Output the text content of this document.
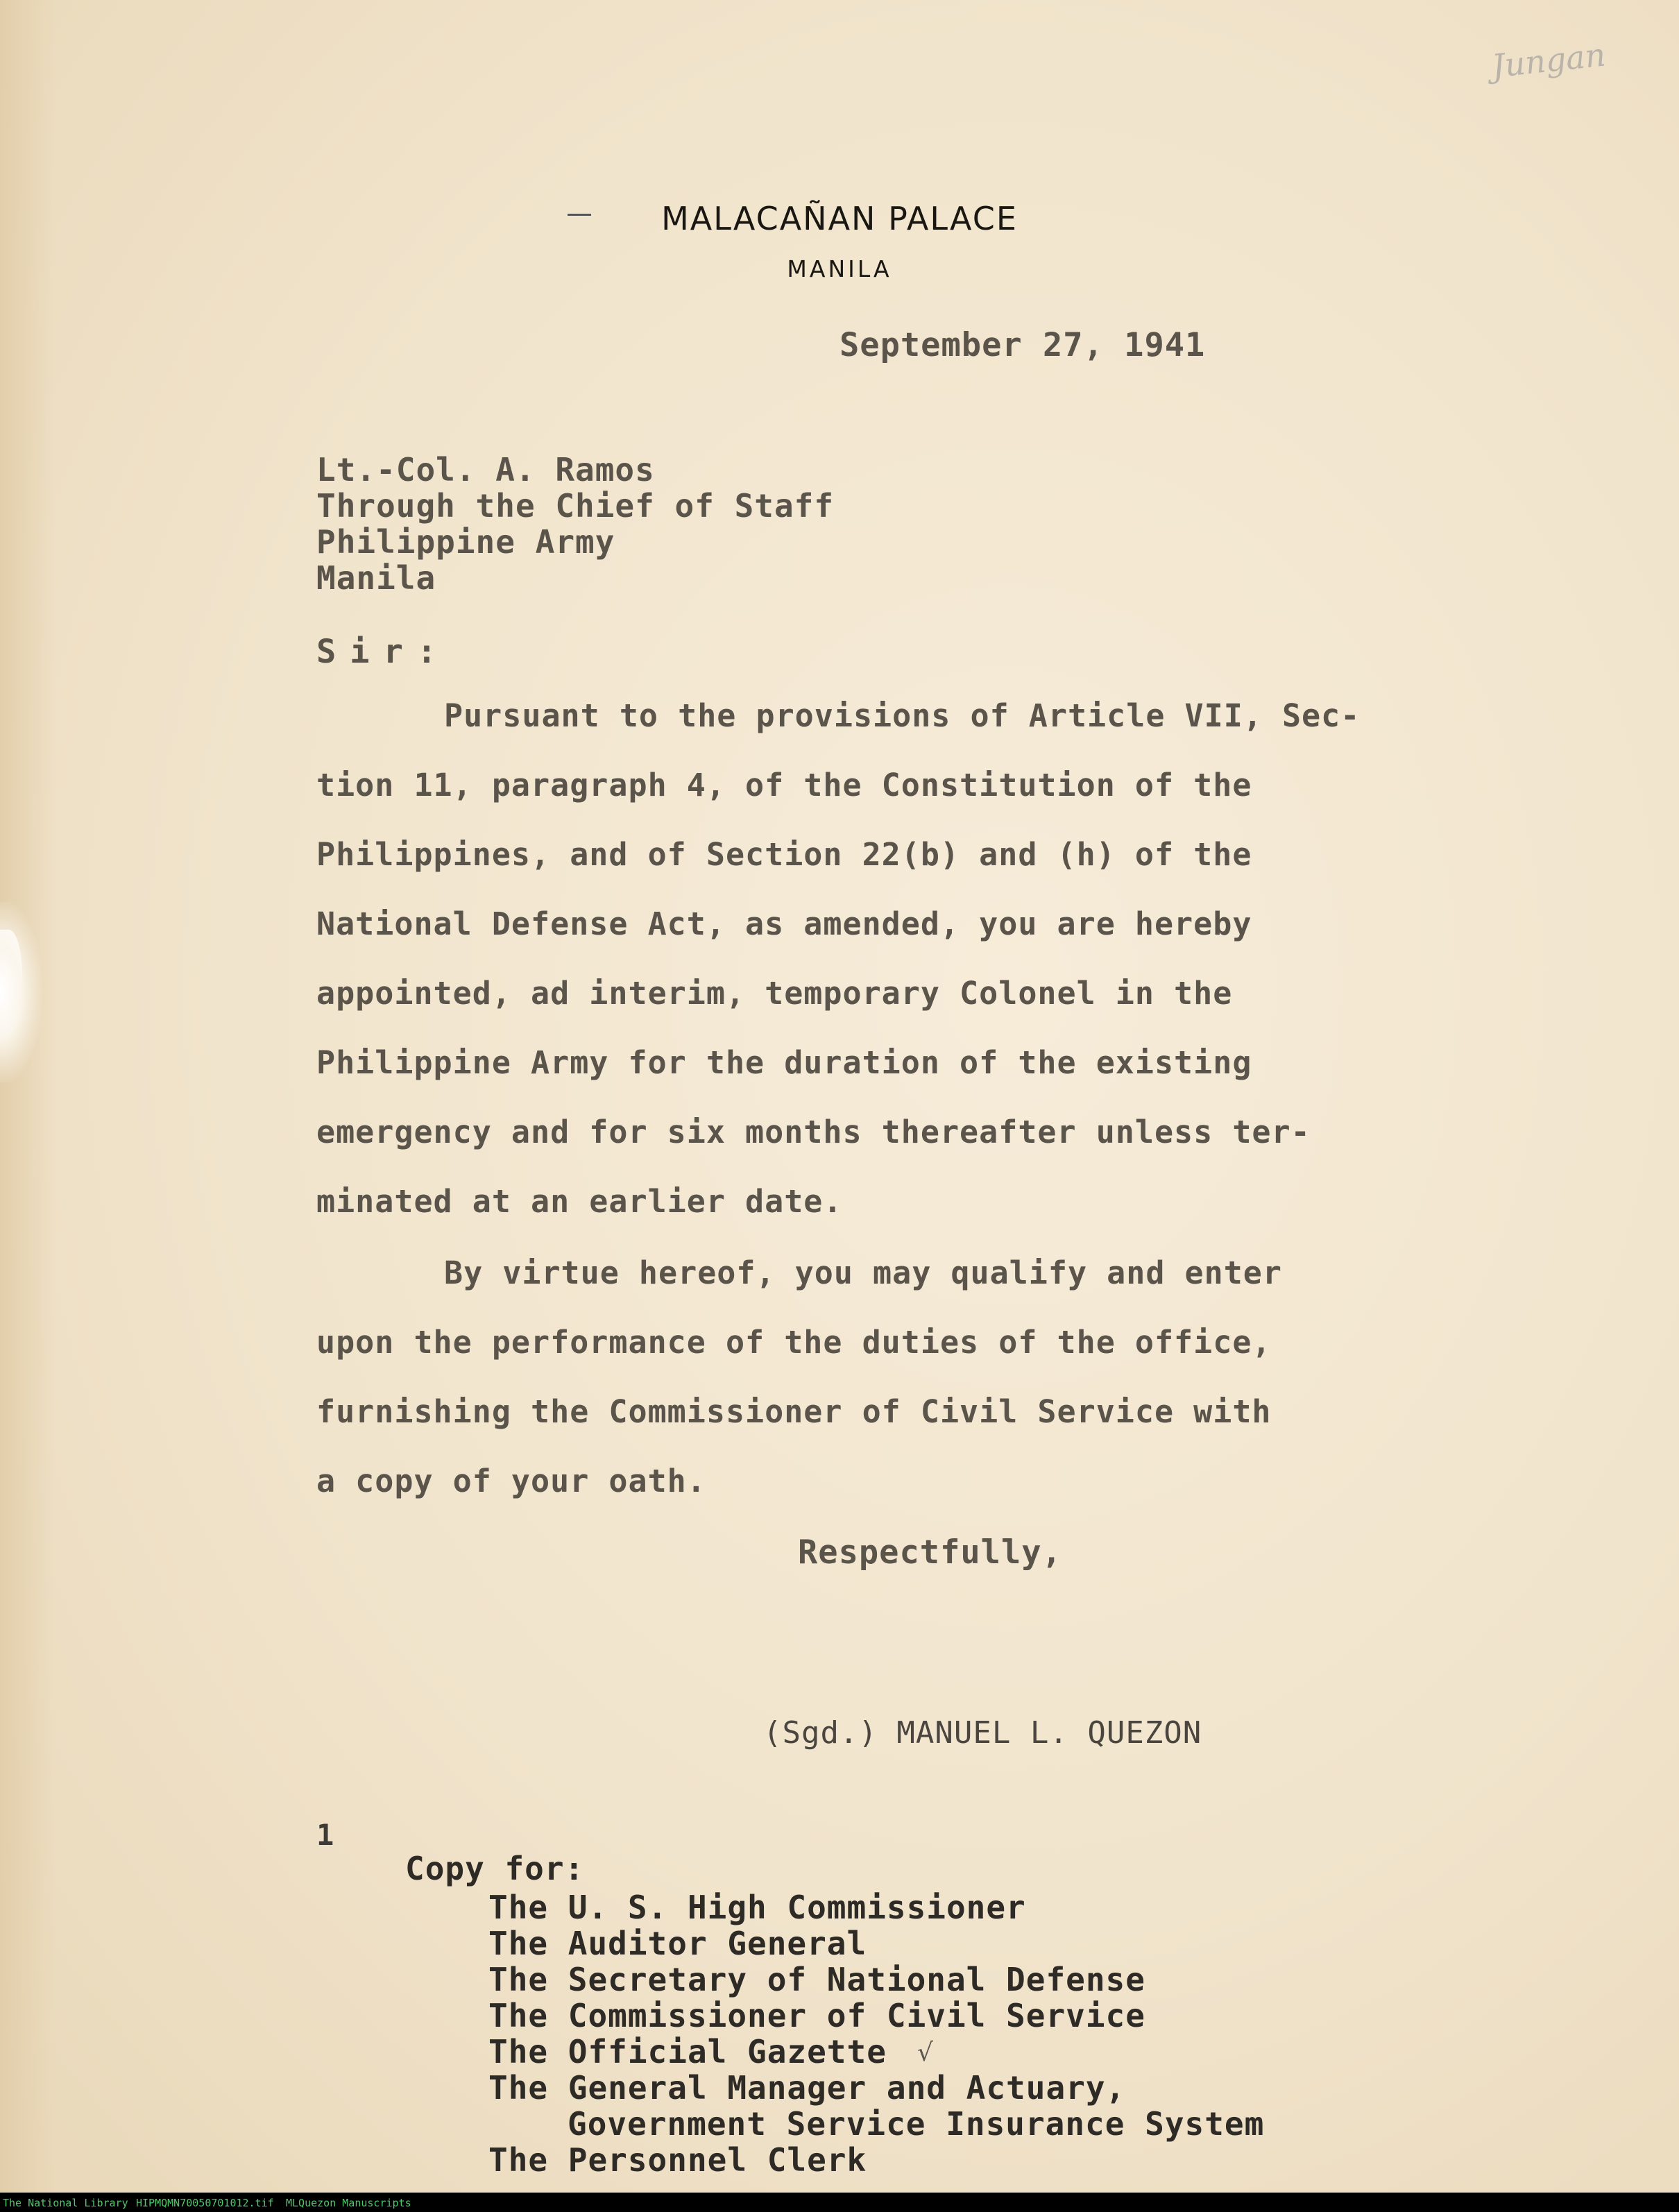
Jungan
MALACAÑAN PALACE
MANILA
September 27, 1941
Lt.-Col. A. Ramos
Through the Chief of Staff
Philippine Army
Manila
Sir:
Pursuant to the provisions of Article VII, Sec-
tion 11, paragraph 4, of the Constitution of the
Philippines, and of Section 22(b) and (h) of the
National Defense Act, as amended, you are hereby
appointed, ad interim, temporary Colonel in the
Philippine Army for the duration of the existing
emergency and for six months thereafter unless ter-
minated at an earlier date.
By virtue hereof, you may qualify and enter
upon the performance of the duties of the office,
furnishing the Commissioner of Civil Service with
a copy of your oath.
Respectfully,
(Sgd.) MANUEL L. QUEZON
1
Copy for:
The U. S. High Commissioner
The Auditor General
The Secretary of National Defense
The Commissioner of Civil Service
The Official Gazette
The General Manager and Actuary,
Government Service Insurance System
The Personnel Clerk
√
The National Library HIPMQMN70050701012.tif MLQuezon Manuscripts
